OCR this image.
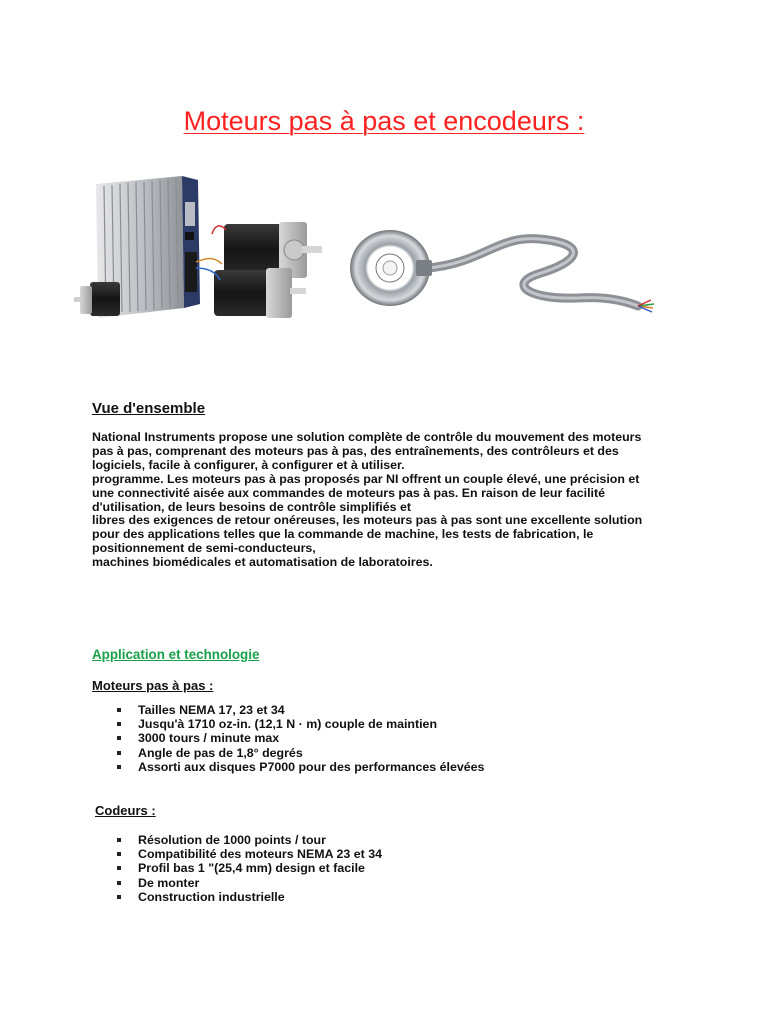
Moteurs pas à pas et encodeurs :
Vue d'ensemble
National Instruments propose une solution complète de contrôle du mouvement des moteurs
pas à pas, comprenant des moteurs pas à pas, des entraînements, des contrôleurs et des
logiciels, facile à configurer, à configurer et à utiliser.
programme. Les moteurs pas à pas proposés par NI offrent un couple élevé, une précision et
une connectivité aisée aux commandes de moteurs pas à pas. En raison de leur facilité
d'utilisation, de leurs besoins de contrôle simplifiés et
libres des exigences de retour onéreuses, les moteurs pas à pas sont une excellente solution
pour des applications telles que la commande de machine, les tests de fabrication, le
positionnement de semi-conducteurs,
machines biomédicales et automatisation de laboratoires.
Application et technologie
Moteurs pas à pas :
Tailles NEMA 17, 23 et 34
Jusqu'à 1710 oz-in. (12,1 N · m) couple de maintien
3000 tours / minute max
Angle de pas de 1,8° degrés
Assorti aux disques P7000 pour des performances élevées
Codeurs :
Résolution de 1000 points / tour
Compatibilité des moteurs NEMA 23 et 34
Profil bas 1 "(25,4 mm) design et facile
De monter
Construction industrielle
